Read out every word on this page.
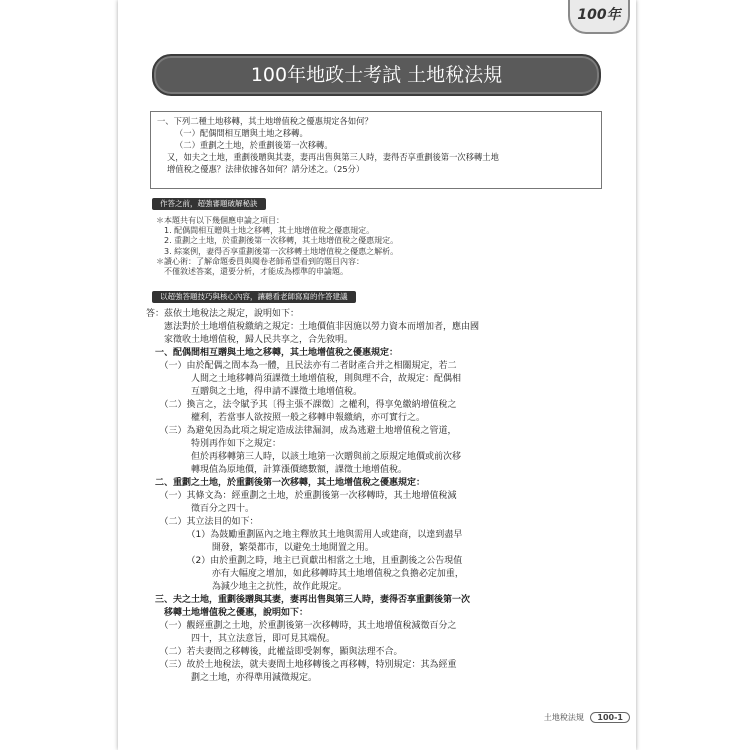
100年
100年地政士考試 土地稅法規

一、下列二種土地移轉，其土地增值稅之優惠規定各如何？

（一）配偶間相互贈與土地之移轉。

（二）重劃之土地，於重劃後第一次移轉。

又，如夫之土地，重劃後贈與其妻，妻再出售與第三人時，妻得否享重劃後第一次移轉土地

增值稅之優惠？法律依據各如何？請分述之。（25分）

作答之前，超強審題破解秘訣

＊本題共有以下幾個應申論之項目：

　1. 配偶間相互贈與土地之移轉，其土地增值稅之優惠規定。

　2. 重劃之土地，於重劃後第一次移轉，其土地增值稅之優惠規定。

　3. 綜案例，妻得否享重劃後第一次移轉土地增值稅之優惠之解析。

＊讀心術：了解命題委員與閱卷老師希望看到的題目內容：

　不僅敘述答案，還要分析，才能成為標準的申論題。

以超強答題技巧與核心內容，讓聽看老師寫寫的作答建議

答：茲依土地稅法之規定，說明如下：

　　憲法對於土地增值稅繳納之規定：土地價值非因施以勞力資本而增加者，應由國

　　家徵收土地增值稅，歸人民共享之，合先敘明。

　一、配偶間相互贈與土地之移轉，其土地增值稅之優惠規定：

　　（一）由於配偶之間本為一體，且民法亦有二者財產合并之相關規定，若二

　　　　　人間之土地移轉尚須課徵土地增值稅，則與理不合，故規定：配偶相

　　　　　互贈與之土地，得申請不課徵土地增值稅。

　　（二）換言之，法令賦予其〔得主張不課徵〕之權利，得享免繳納增值稅之

　　　　　權利，若當事人欲按照一般之移轉申報繳納，亦可實行之。

　　（三）為避免因為此項之規定造成法律漏洞，成為逃避土地增值稅之管道，

　　　　　特別再作如下之規定：

　　　　　但於再移轉第三人時，以該土地第一次贈與前之原規定地價或前次移

　　　　　轉現值為原地價，計算漲價總數額，課徵土地增值稅。

　二、重劃之土地，於重劃後第一次移轉，其土地增值稅之優惠規定：

　　（一）其條文為：經重劃之土地，於重劃後第一次移轉時，其土地增值稅減

　　　　　徵百分之四十。

　　（二）其立法目的如下：

　　　　　（1）為鼓勵重劃區內之地主釋放其土地與需用人或建商，以達到盡早

　　　　　　　 開發，繁榮都市，以避免土地閒置之用。

　　　　　（2）由於重劃之時，地主已貢獻出相當之土地，且重劃後之公告現值

　　　　　　　 亦有大幅度之增加，如此移轉時其土地增值稅之負擔必定加重，

　　　　　　　 為減少地主之抗性，故作此規定。

　三、夫之土地，重劃後贈與其妻，妻再出售與第三人時，妻得否享重劃後第一次

　　移轉土地增值稅之優惠，說明如下：

　　（一）觀經重劃之土地，於重劃後第一次移轉時，其土地增值稅減徵百分之

　　　　　四十，其立法意旨，即可見其端倪。

　　（二）若夫妻間之移轉後，此權益即受剝奪，顯與法理不合。

　　（三）故於土地稅法，就夫妻間土地移轉後之再移轉，特別規定：其為經重

　　　　　劃之土地，亦得準用減徵規定。

土地稅法規 100-1
